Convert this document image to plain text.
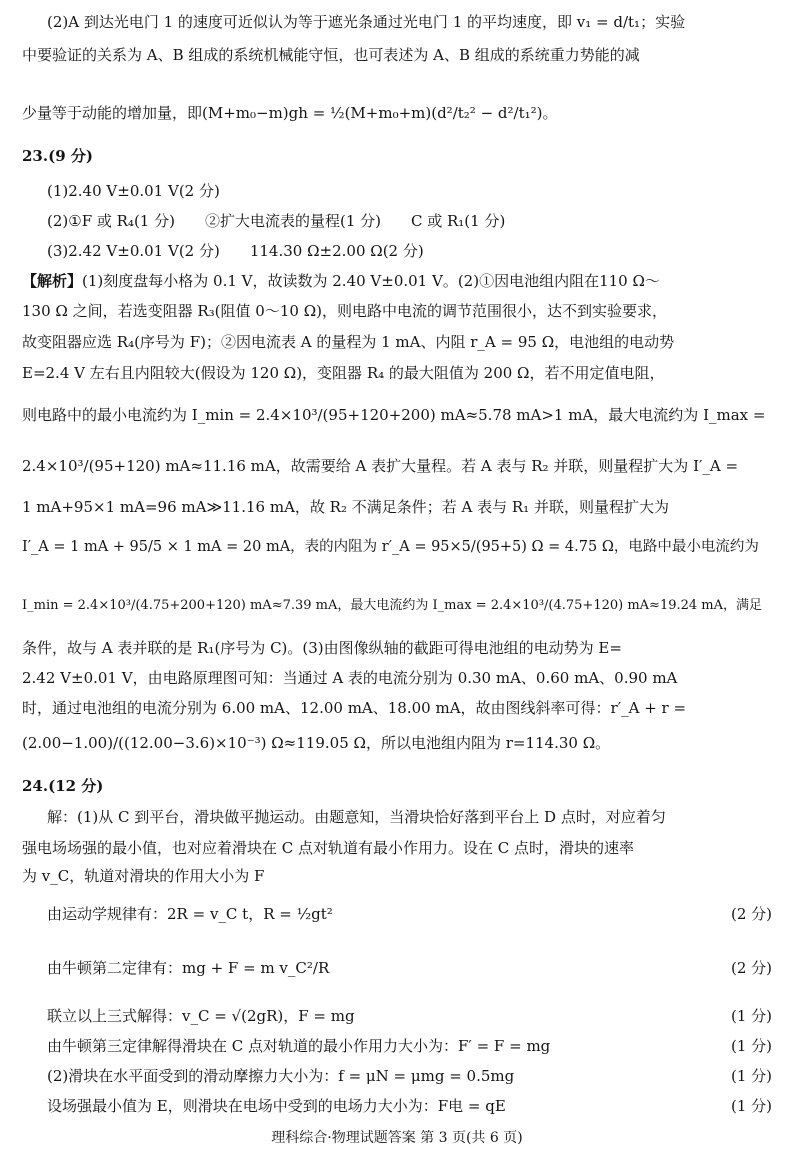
(2)A 到达光电门 1 的速度可近似认为等于遮光条通过光电门 1 的平均速度，即 v₁ = d/t₁；实验
中要验证的关系为 A、B 组成的系统机械能守恒，也可表述为 A、B 组成的系统重力势能的减
少量等于动能的增加量，即(M+m₀−m)gh = ½(M+m₀+m)(d²/t₂² − d²/t₁²)。
23.(9 分)
(1)2.40 V±0.01 V(2 分)
(2)①F 或 R₄(1 分)　　②扩大电流表的量程(1 分)　　C 或 R₁(1 分)
(3)2.42 V±0.01 V(2 分)　　114.30 Ω±2.00 Ω(2 分)
【解析】(1)刻度盘每小格为 0.1 V，故读数为 2.40 V±0.01 V。(2)①因电池组内阻在110 Ω～
130 Ω 之间，若选变阻器 R₃(阻值 0～10 Ω)，则电路中电流的调节范围很小，达不到实验要求，
故变阻器应选 R₄(序号为 F)；②因电流表 A 的量程为 1 mA、内阻 r_A = 95 Ω，电池组的电动势
E=2.4 V 左右且内阻较大(假设为 120 Ω)，变阻器 R₄ 的最大阻值为 200 Ω，若不用定值电阻，
则电路中的最小电流约为 I_min = 2.4×10³/(95+120+200) mA≈5.78 mA>1 mA，最大电流约为 I_max =
2.4×10³/(95+120) mA≈11.16 mA，故需要给 A 表扩大量程。若 A 表与 R₂ 并联，则量程扩大为 I′_A =
1 mA+95×1 mA=96 mA≫11.16 mA，故 R₂ 不满足条件；若 A 表与 R₁ 并联，则量程扩大为
I′_A = 1 mA + 95/5 × 1 mA = 20 mA，表的内阻为 r′_A = 95×5/(95+5) Ω = 4.75 Ω，电路中最小电流约为
I_min = 2.4×10³/(4.75+200+120) mA≈7.39 mA，最大电流约为 I_max = 2.4×10³/(4.75+120) mA≈19.24 mA，满足
条件，故与 A 表并联的是 R₁(序号为 C)。(3)由图像纵轴的截距可得电池组的电动势为 E=
2.42 V±0.01 V，由电路原理图可知：当通过 A 表的电流分别为 0.30 mA、0.60 mA、0.90 mA
时，通过电池组的电流分别为 6.00 mA、12.00 mA、18.00 mA，故由图线斜率可得：r′_A + r =
(2.00−1.00)/((12.00−3.6)×10⁻³) Ω≈119.05 Ω，所以电池组内阻为 r=114.30 Ω。
24.(12 分)
解：(1)从 C 到平台，滑块做平抛运动。由题意知，当滑块恰好落到平台上 D 点时，对应着匀
强电场场强的最小值，也对应着滑块在 C 点对轨道有最小作用力。设在 C 点时，滑块的速率
为 v_C，轨道对滑块的作用大小为 F
由运动学规律有：2R = v_C t，R = ½gt²	(2 分)
由牛顿第二定律有：mg + F = m v_C²/R	(2 分)
联立以上三式解得：v_C = √(2gR)，F = mg	(1 分)
由牛顿第三定律解得滑块在 C 点对轨道的最小作用力大小为：F′ = F = mg	(1 分)
(2)滑块在水平面受到的滑动摩擦力大小为：f = μN = μmg = 0.5mg	(1 分)
设场强最小值为 E，则滑块在电场中受到的电场力大小为：F电 = qE	(1 分)
理科综合·物理试题答案 第 3 页(共 6 页)
